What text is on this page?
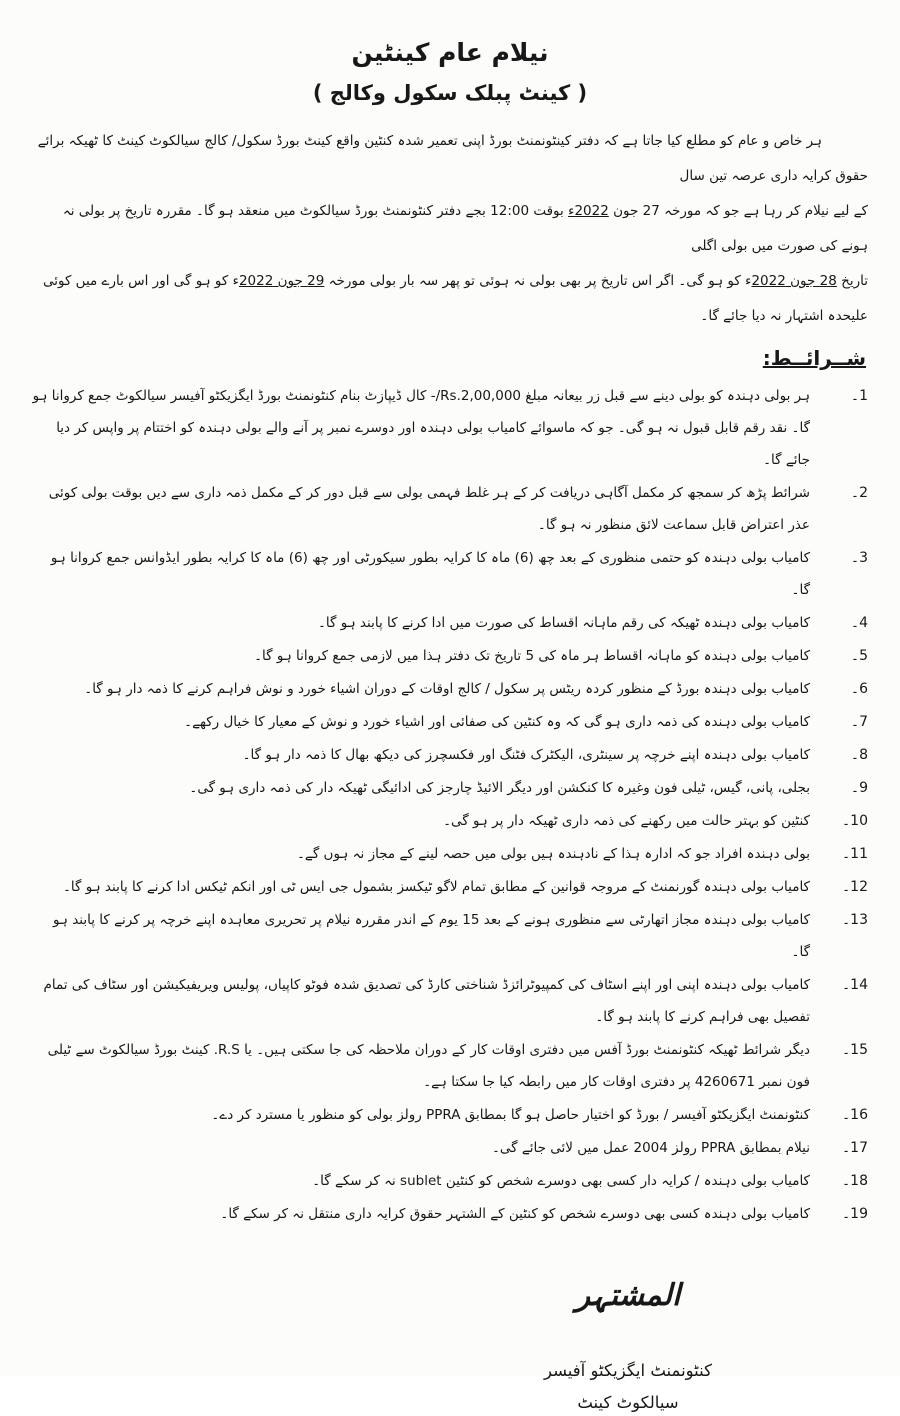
نیلام عام کینٹین
( کینٹ پبلک سکول وکالج )
ہر خاص و عام کو مطلع کیا جاتا ہے کہ دفتر کینٹونمنٹ بورڈ اپنی تعمیر شدہ کنٹین واقع کینٹ بورڈ سکول/ کالج سیالکوٹ کینٹ کا ٹھیکہ برائے حقوق کرایہ داری عرصہ تین سال
کے لیے نیلام کر رہا ہے جو کہ مورخہ 27 جون 2022ء بوقت 12:00 بجے دفتر کنٹونمنٹ بورڈ سیالکوٹ میں منعقد ہو گا۔ مقررہ تاریخ پر بولی نہ ہونے کی صورت میں بولی اگلی
تاریخ 28 جون 2022ء کو ہو گی۔ اگر اس تاریخ پر بھی بولی نہ ہوئی تو پھر سہ بار بولی مورخہ 29 جون 2022ء کو ہو گی اور اس بارے میں کوئی علیحدہ اشتہار نہ دیا جائے گا۔
شــرائــط:
1۔
ہر بولی دہندہ کو بولی دینے سے قبل زر بیعانہ مبلغ Rs.2,00,000/- کال ڈیپازٹ بنام کنٹونمنٹ بورڈ ایگزیکٹو آفیسر سیالکوٹ جمع کروانا ہو گا۔ نقد رقم قابل قبول نہ ہو گی۔ جو کہ ماسوائے کامیاب بولی دہندہ اور دوسرے نمبر پر آنے والے بولی دہندہ کو اختتام پر واپس کر دیا جائے گا۔
2۔
شرائط پڑھ کر سمجھ کر مکمل آگاہی دریافت کر کے ہر غلط فہمی بولی سے قبل دور کر کے مکمل ذمہ داری سے دیں بوقت بولی کوئی عذر اعتراض قابل سماعت لائق منظور نہ ہو گا۔
3۔
کامیاب بولی دہندہ کو حتمی منظوری کے بعد چھ (6) ماہ کا کرایہ بطور سیکورٹی اور چھ (6) ماہ کا کرایہ بطور ایڈوانس جمع کروانا ہو گا۔
4۔
کامیاب بولی دہندہ ٹھیکہ کی رقم ماہانہ اقساط کی صورت میں ادا کرنے کا پابند ہو گا۔
5۔
کامیاب بولی دہندہ کو ماہانہ اقساط ہر ماہ کی 5 تاریخ تک دفتر ہذا میں لازمی جمع کروانا ہو گا۔
6۔
کامیاب بولی دہندہ بورڈ کے منظور کردہ ریٹس پر سکول / کالج اوقات کے دوران اشیاء خورد و نوش فراہم کرنے کا ذمہ دار ہو گا۔
7۔
کامیاب بولی دہندہ کی ذمہ داری ہو گی کہ وہ کنٹین کی صفائی اور اشیاء خورد و نوش کے معیار کا خیال رکھے۔
8۔
کامیاب بولی دہندہ اپنے خرچہ پر سینٹری، الیکٹرک فٹنگ اور فکسچرز کی دیکھ بھال کا ذمہ دار ہو گا۔
9۔
بجلی، پانی، گیس، ٹیلی فون وغیرہ کا کنکشن اور دیگر الائیڈ چارجز کی ادائیگی ٹھیکہ دار کی ذمہ داری ہو گی۔
10۔
کنٹین کو بہتر حالت میں رکھنے کی ذمہ داری ٹھیکہ دار پر ہو گی۔
11۔
بولی دہندہ افراد جو کہ ادارہ ہذا کے نادہندہ ہیں بولی میں حصہ لینے کے مجاز نہ ہوں گے۔
12۔
کامیاب بولی دہندہ گورنمنٹ کے مروجہ قوانین کے مطابق تمام لاگو ٹیکسز بشمول جی ایس ٹی اور انکم ٹیکس ادا کرنے کا پابند ہو گا۔
13۔
کامیاب بولی دہندہ مجاز اتھارٹی سے منظوری ہونے کے بعد 15 یوم کے اندر مقررہ نیلام پر تحریری معاہدہ اپنے خرچہ پر کرنے کا پابند ہو گا۔
14۔
کامیاب بولی دہندہ اپنی اور اپنے اسٹاف کی کمپیوٹرائزڈ شناختی کارڈ کی تصدیق شدہ فوٹو کاپیاں، پولیس ویریفیکیشن اور سٹاف کی تمام تفصیل بھی فراہم کرنے کا پابند ہو گا۔
15۔
دیگر شرائط ٹھیکہ کنٹونمنٹ بورڈ آفس میں دفتری اوقات کار کے دوران ملاحظہ کی جا سکتی ہیں۔ یا R.S. کینٹ بورڈ سیالکوٹ سے ٹیلی فون نمبر 4260671 پر دفتری اوقات کار میں رابطہ کیا جا سکتا ہے۔
16۔
کنٹونمنٹ ایگزیکٹو آفیسر / بورڈ کو اختیار حاصل ہو گا بمطابق PPRA رولز بولی کو منظور یا مسترد کر دے۔
17۔
نیلام بمطابق PPRA رولز 2004 عمل میں لائی جائے گی۔
18۔
کامیاب بولی دہندہ / کرایہ دار کسی بھی دوسرے شخص کو کنٹین sublet نہ کر سکے گا۔
19۔
کامیاب بولی دہندہ کسی بھی دوسرے شخص کو کنٹین کے الشتہر حقوق کرایہ داری منتقل نہ کر سکے گا۔
المشتہر
کنٹونمنٹ ایگزیکٹو آفیسر
سیالکوٹ کینٹ
